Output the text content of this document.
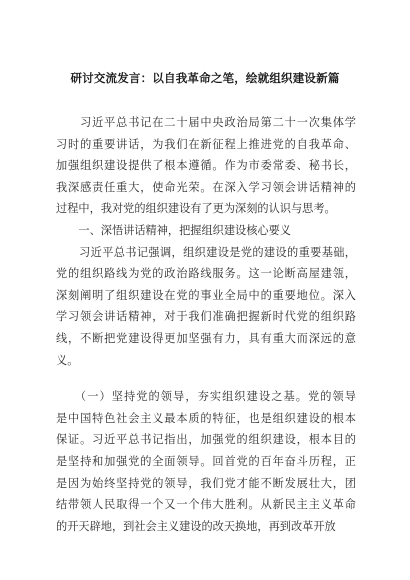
研讨交流发言：以自我革命之笔，绘就组织建设新篇
　　习近平总书记在二十届中央政治局第二十一次集体学
习时的重要讲话，为我们在新征程上推进党的自我革命、
加强组织建设提供了根本遵循。作为市委常委、秘书长，
我深感责任重大，使命光荣。在深入学习领会讲话精神的
过程中，我对党的组织建设有了更为深刻的认识与思考。
　　一、深悟讲话精神，把握组织建设核心要义
　　习近平总书记强调，组织建设是党的建设的重要基础，
党的组织路线为党的政治路线服务。这一论断高屋建瓴，
深刻阐明了组织建设在党的事业全局中的重要地位。深入
学习领会讲话精神，对于我们准确把握新时代党的组织路
线，不断把党建设得更加坚强有力，具有重大而深远的意
义。
　　（一）坚持党的领导，夯实组织建设之基。党的领导
是中国特色社会主义最本质的特征，也是组织建设的根本
保证。习近平总书记指出，加强党的组织建设，根本目的
是坚持和加强党的全面领导。回首党的百年奋斗历程，正
是因为始终坚持党的领导，我们党才能不断发展壮大，团
结带领人民取得一个又一个伟大胜利。从新民主主义革命
的开天辟地，到社会主义建设的改天换地，再到改革开放
